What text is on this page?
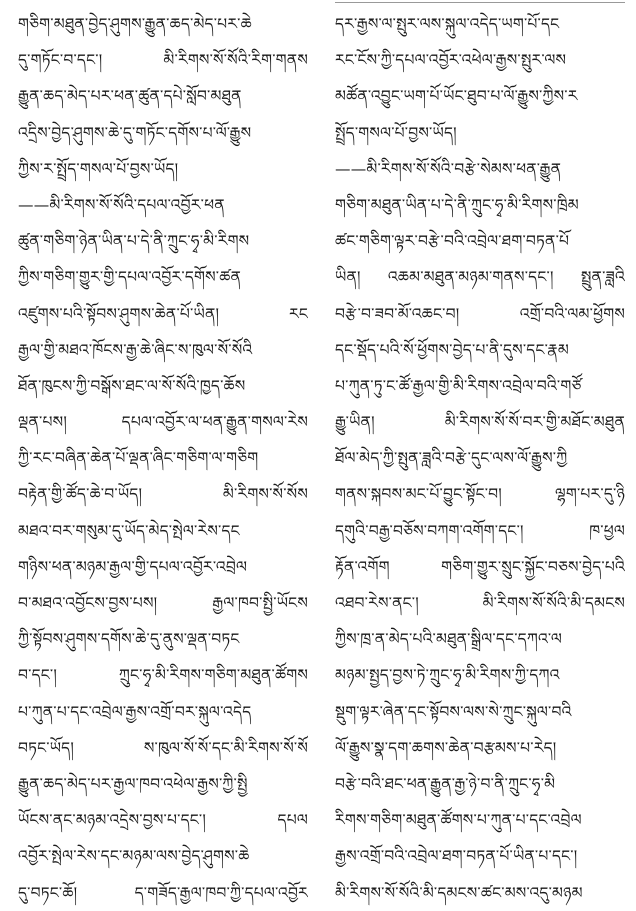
གཅིག་མཐུན་བྱེད་ཤུགས་རྒྱུན་ཆད་མེད་པར་ཆེ
དུ་གཏོང་བ་དང་། མི་རིགས་སོ་སོའི་རིག་གནས
རྒྱུན་ཆད་མེད་པར་ཕན་ཚུན་དཔེ་སློབ་མཐུན
འདྲིས་བྱེད་ཤུགས་ཆེ་དུ་གཏོང་དགོས་པ་ལོ་རྒྱུས
ཀྱིས་ར་སྤྲོད་གསལ་པོ་བྱས་ཡོད།
——མི་རིགས་སོ་སོའི་དཔལ་འབྱོར་ཕན
ཚུན་གཅིག་ཉེན་ཡིན་པ་དེ་ནི་ཀྲུང་ཧྭ་མི་རིགས
ཀྱིས་གཅིག་གྱུར་གྱི་དཔལ་འབྱོར་དགོས་ཚན
འཛུགས་པའི་སྟོབས་ཤུགས་ཆེན་པོ་ཡིན། རང
རྒྱལ་གྱི་མཐའ་ཁོངས་རྒྱ་ཆེ་ཞིང་ས་ཁུལ་སོ་སོའི
ཐོན་ཁུངས་ཀྱི་བསྒོས་ཐང་ལ་སོ་སོའི་ཁྱད་ཆོས
ལྡན་པས། དཔལ་འབྱོར་ལ་ཕན་རྒྱུན་གསལ་རེས
ཀྱི་རང་བཞིན་ཆེན་པོ་ལྡན་ཞིང་གཅིག་ལ་གཅིག
བརྟེན་གྱི་ཚོད་ཆེ་བ་ཡོད། མི་རིགས་སོ་སོས
མཐའ་བར་གསུམ་དུ་ཡོད་མེད་སྤེལ་རེས་དང
གཉིས་ཕན་མཉམ་རྒྱལ་གྱི་དཔལ་འབྱོར་འབྲེལ
བ་མཐའ་འབྱོངས་བྱས་པས། རྒྱལ་ཁབ་སྤྱི་ཡོངས
ཀྱི་སྟོབས་ཤུགས་དགོས་ཆེ་དུ་ནུས་ལྡན་བཏང
བ་དང་། ཀྲུང་ཧྭ་མི་རིགས་གཅིག་མཐུན་ཚོགས
པ་ཀུན་པ་དང་འབྲེལ་རྒྱས་འགྲོ་བར་སྐུལ་འདེད
བཏང་ཡོད། ས་ཁུལ་སོ་སོ་དང་མི་རིགས་སོ་སོ
རྒྱུན་ཆད་མེད་པར་རྒྱལ་ཁབ་འཕེལ་རྒྱས་ཀྱི་སྤྱི
ཡོངས་ནང་མཉམ་འདྲེས་བྱས་པ་དང་། དཔལ
འབྱོར་སྤེལ་རེས་དང་མཉམ་ལས་བྱེད་ཤུགས་ཆེ
དུ་བཏང་ཆོ། ད་གཟོད་རྒྱལ་ཁབ་ཀྱི་དཔལ་འབྱོར
དར་རྒྱས་ལ་སྤུར་ལས་སྐུལ་འདེད་ཡག་པོ་དང
རང་ངོས་ཀྱི་དཔལ་འབྱོར་འཕེལ་རྒྱས་སྤུར་ལས
མཚོན་འབྱུང་ཡག་པོ་ཡོང་ཐུབ་པ་ལོ་རྒྱུས་ཀྱིས་ར
སྤྲོད་གསལ་པོ་བྱས་ཡོད།
——མི་རིགས་སོ་སོའི་བརྩེ་སེམས་ཕན་རྒྱུན
གཅིག་མཐུན་ཡིན་པ་དེ་ནི་ཀྲུང་ཧྭ་མི་རིགས་ཁྲིམ
ཚང་གཅིག་ལྟར་བརྩེ་བའི་འབྲེལ་ཐག་བཏན་པོ
ཡིན། འཆམ་མཐུན་མཉམ་གནས་དང་། སྤྲུན་ཟླའི
བརྩེ་བ་ཟབ་མོ་འཆང་བ། འགྲོ་བའི་ལམ་ཕྱོགས
དང་སྡོད་པའི་སོ་ཕྱོགས་བྱེད་པ་ནི་དུས་དང་རྣམ
པ་ཀུན་ཏུ་ང་ཚོ་རྒྱལ་གྱི་མི་རིགས་འབྲེལ་བའི་གཙོ
རྒྱུ་ཡིན། མི་རིགས་སོ་སོ་བར་གྱི་མཐོང་མཐུན
ཐོལ་མེད་ཀྱི་སྤུན་ཟླའི་བརྩེ་དུང་ལས་ལོ་རྒྱུས་ཀྱི
གནས་སྐབས་མང་པོ་བྱུང་སྟོང་བ། ལྷག་པར་དུ་ཉི
དགུའི་བརྒྱ་བཅོས་བཀག་འགོག་དང་། ཁ་ཕྱལ
རྟོན་འགོག གཅིག་གྱུར་སྲུང་སྐྱོང་བཅས་བྱེད་པའི
འཐབ་རེས་ནང་། མི་རིགས་སོ་སོའི་མི་དམངས
ཀྱིས་ཁྲ་ན་མེད་པའི་མཐུན་སྒྲིལ་དང་དཀའ་ལ
མཉམ་སྤྱད་བྱས་ཏེ་ཀྲུང་ཧྭ་མི་རིགས་ཀྱི་དཀའ
སྡུག་ལྟར་ཞེན་དང་སྟོབས་ལས་སེ་ཀྲུང་སྐུལ་བའི
ལོ་རྒྱུས་སྣ་དག་ཆགས་ཆེན་བརྩམས་པ་རེད།
བརྩེ་བའི་ཐང་ཕན་རྒྱུན་རྒྱ་ཉེ་བ་ནི་ཀྲུང་ཧྭ་མི
རིགས་གཅིག་མཐུན་ཚོགས་པ་ཀུན་པ་དང་འབྲེལ
རྒྱས་འགྲོ་བའི་འབྲེལ་ཐག་བཏན་པོ་ཡིན་པ་དང་།
མི་རིགས་སོ་སོའི་མི་དམངས་ཚང་མས་འདུ་མཉམ
